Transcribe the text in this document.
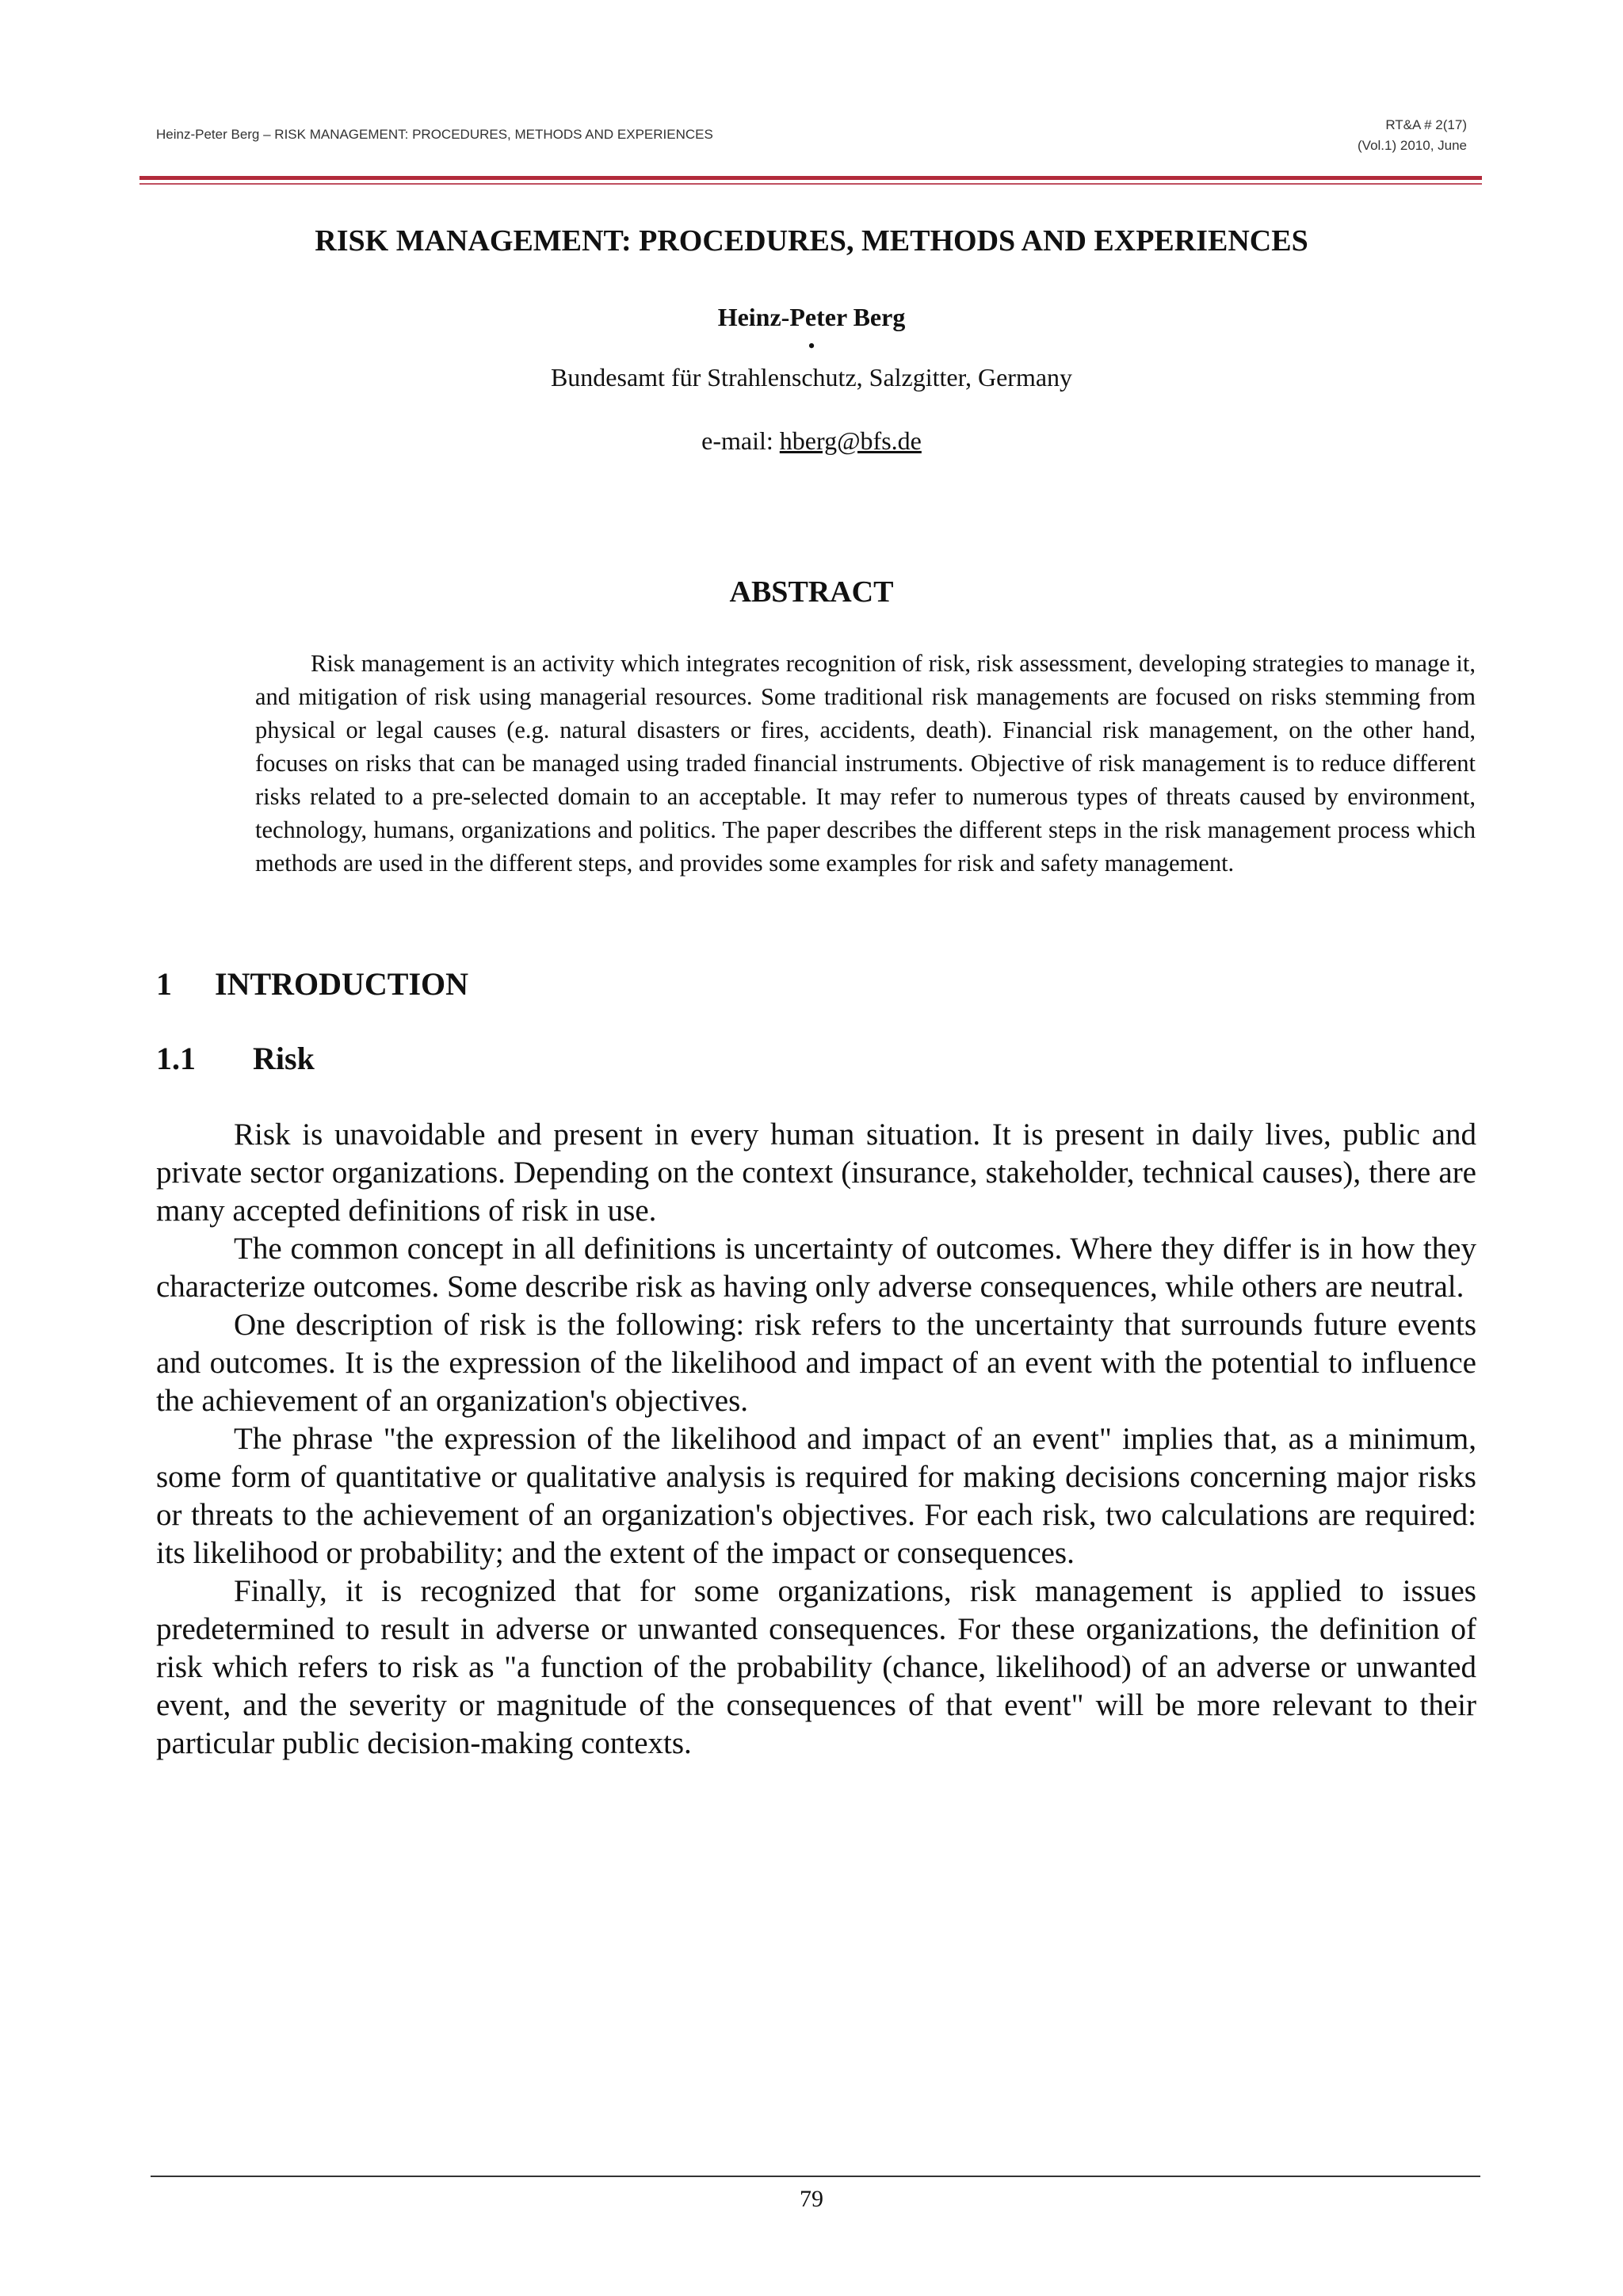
Heinz-Peter Berg – RISK MANAGEMENT: PROCEDURES, METHODS AND EXPERIENCES
RT&A # 2(17)
(Vol.1) 2010, June
RISK MANAGEMENT: PROCEDURES, METHODS AND EXPERIENCES
Heinz-Peter Berg
•
Bundesamt für Strahlenschutz, Salzgitter, Germany
e-mail: hberg@bfs.de
ABSTRACT

Risk management is an activity which integrates recognition of risk, risk assessment, developing strategies to manage it, and mitigation of risk using managerial resources. Some traditional risk managements are focused on risks stemming from physical or legal causes (e.g. natural disasters or fires, accidents, death). Financial risk management, on the other hand, focuses on risks that can be managed using traded financial instruments. Objective of risk management is to reduce different risks related to a pre-selected domain to an acceptable. It may refer to numerous types of threats caused by environment, technology, humans, organizations and politics. The paper describes the different steps in the risk management process which methods are used in the different steps, and provides some examples for risk and safety management.

1 INTRODUCTION
1.1 Risk

Risk is unavoidable and present in every human situation. It is present in daily lives, public and private sector organizations. Depending on the context (insurance, stakeholder, technical causes), there are many accepted definitions of risk in use.

The common concept in all definitions is uncertainty of outcomes. Where they differ is in how they characterize outcomes. Some describe risk as having only adverse consequences, while others are neutral.

One description of risk is the following: risk refers to the uncertainty that surrounds future events and outcomes. It is the expression of the likelihood and impact of an event with the potential to influence the achievement of an organization's objectives.

The phrase "the expression of the likelihood and impact of an event" implies that, as a minimum, some form of quantitative or qualitative analysis is required for making decisions concerning major risks or threats to the achievement of an organization's objectives. For each risk, two calculations are required: its likelihood or probability; and the extent of the impact or consequences.

Finally, it is recognized that for some organizations, risk management is applied to issues predetermined to result in adverse or unwanted consequences. For these organizations, the definition of risk which refers to risk as "a function of the probability (chance, likelihood) of an adverse or unwanted event, and the severity or magnitude of the consequences of that event" will be more relevant to their particular public decision-making contexts.

79
